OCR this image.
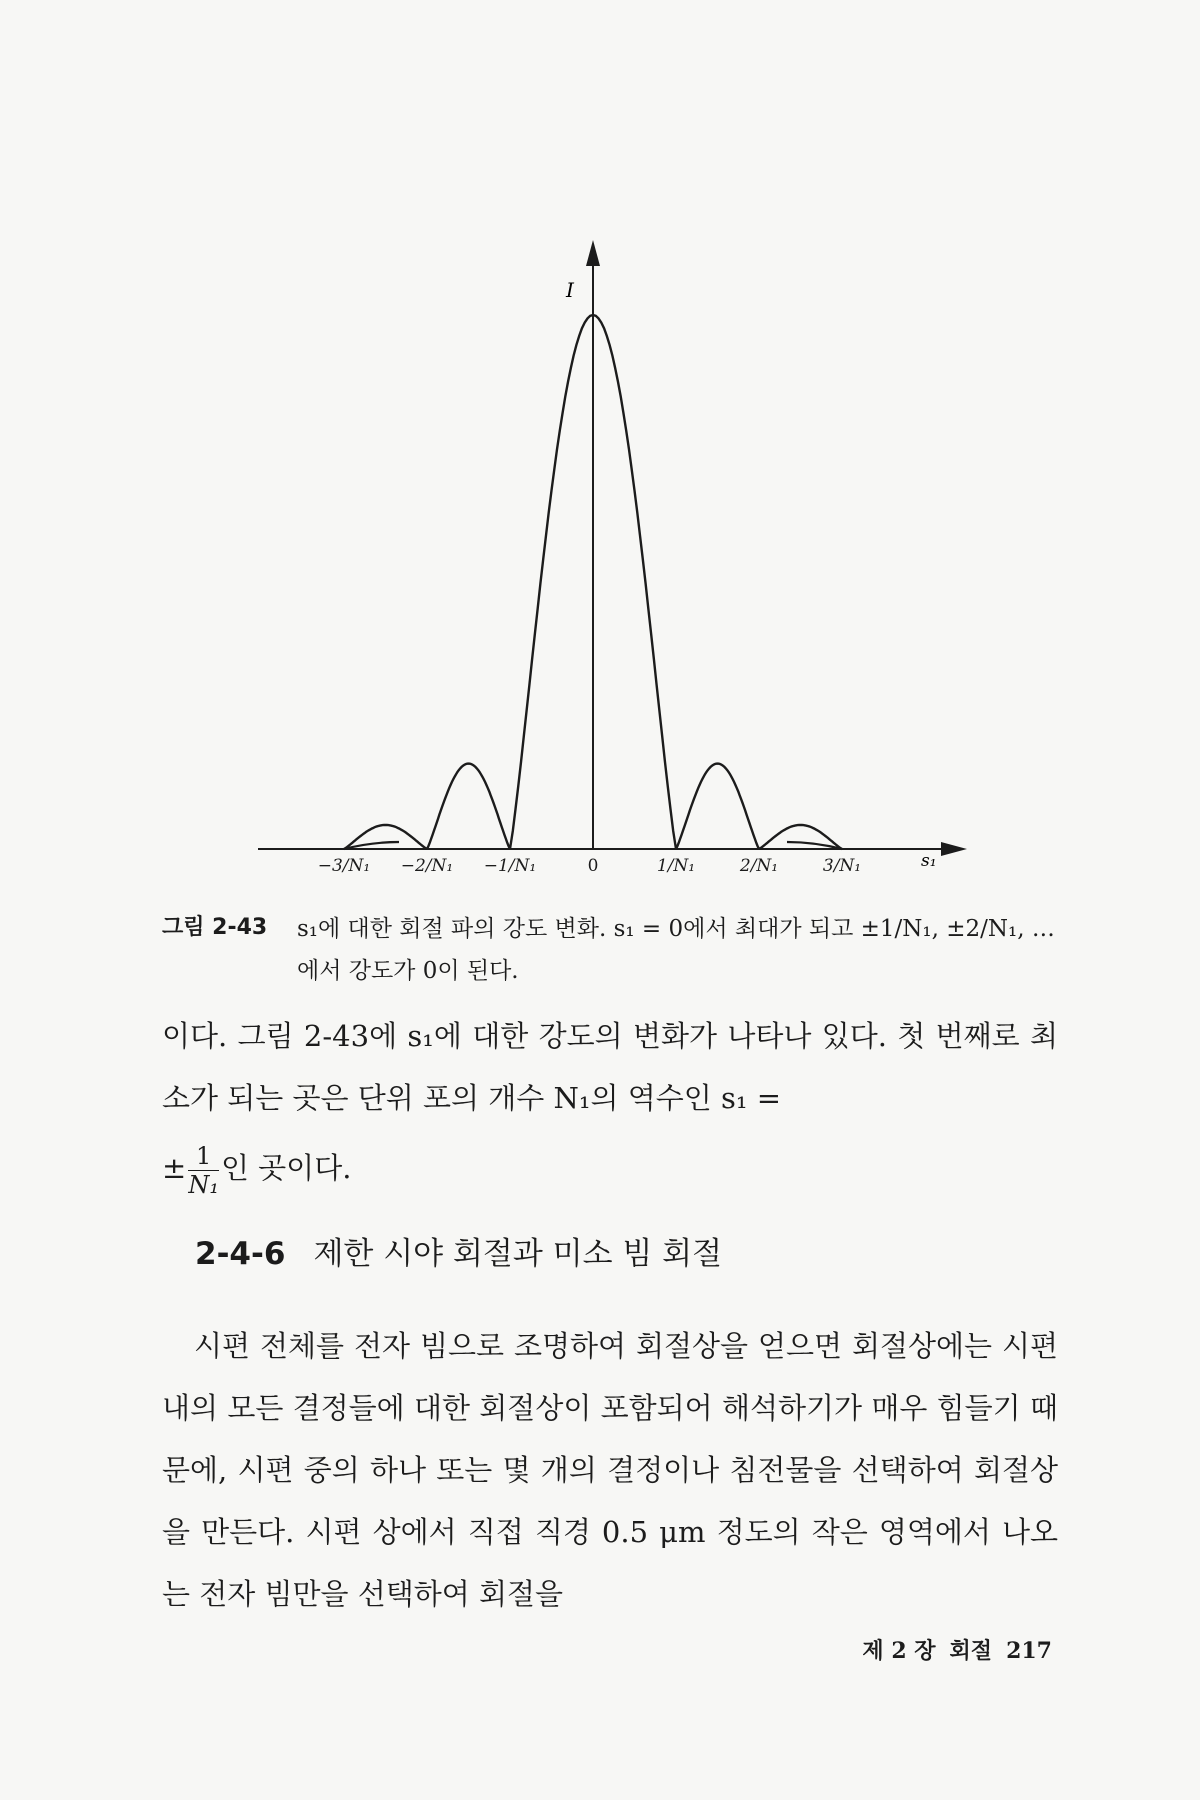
I
s₁
−3/N₁ −2/N₁ −1/N₁	0	1/N₁	2/N₁	3/N₁
그림 2-43 s₁에 대한 회절 파의 강도 변화. s₁ = 0에서 최대가 되고 ±1/N₁, ±2/N₁, …에서 강도가 0이 된다.
이다. 그림 2-43에 s₁에 대한 강도의 변화가 나타나 있다. 첫 번째로 최소가 되는 곳은 단위 포의 개수 N₁의 역수인 s₁ =
± $\frac{1}{\text{N₁}}$ 인 곳이다.
2-4-6 제한 시야 회절과 미소 빔 회절
시편 전체를 전자 빔으로 조명하여 회절상을 얻으면 회절상에는 시편 내의 모든 결정들에 대한 회절상이 포함되어 해석하기가 매우 힘들기 때문에, 시편 중의 하나 또는 몇 개의 결정이나 침전물을 선택하여 회절상을 만든다. 시편 상에서 직접 직경 0.5 μm 정도의 작은 영역에서 나오는 전자 빔만을 선택하여 회절을
제 2 장 회절 217
